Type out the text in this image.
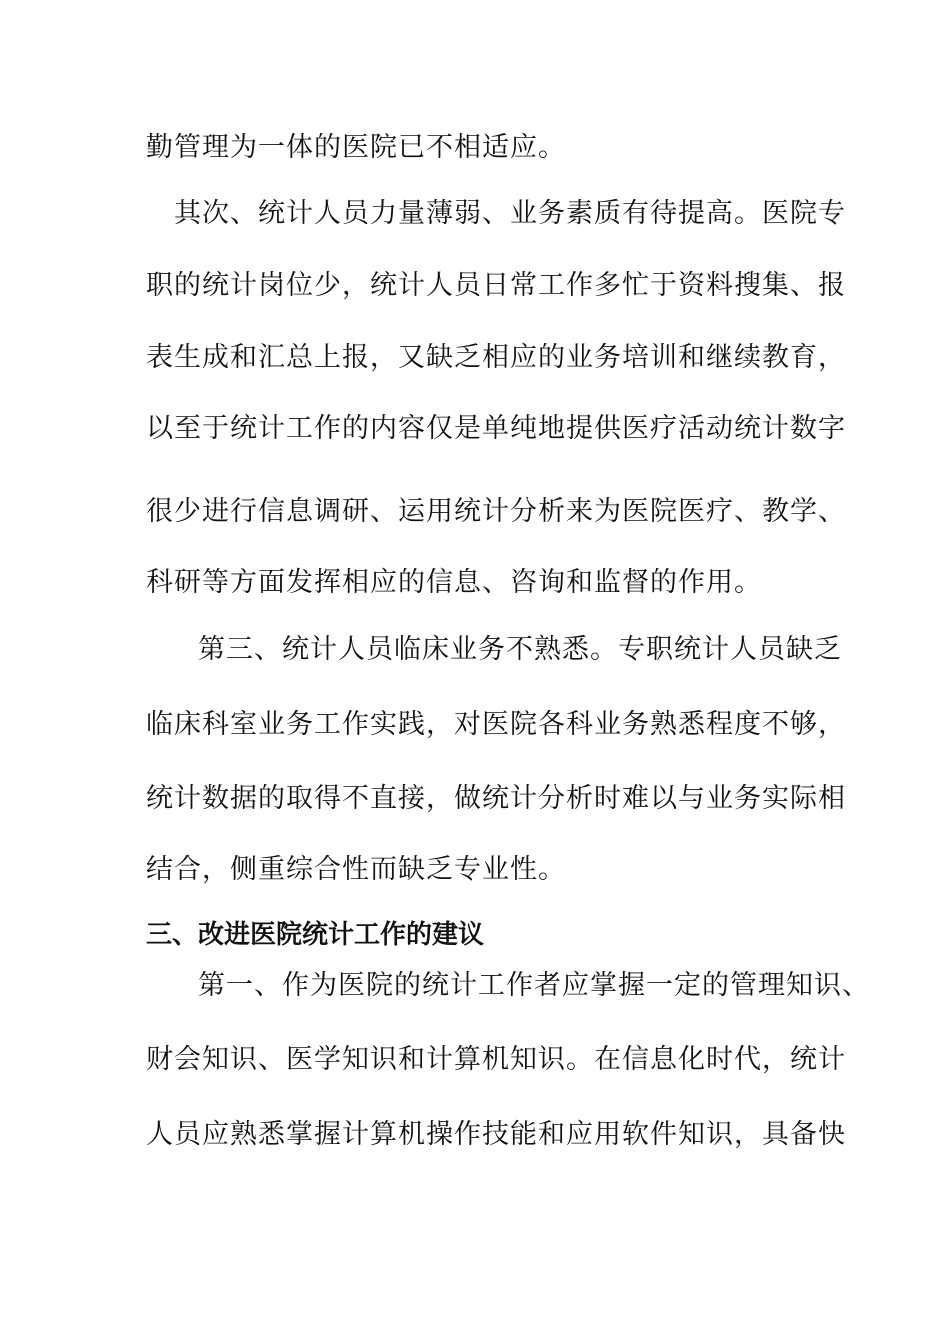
勤管理为一体的医院已不相适应。
其次、统计人员力量薄弱、业务素质有待提高。医院专
职的统计岗位少，统计人员日常工作多忙于资料搜集、报
表生成和汇总上报，又缺乏相应的业务培训和继续教育，
以至于统计工作的内容仅是单纯地提供医疗活动统计数字
很少进行信息调研、运用统计分析来为医院医疗、教学、
科研等方面发挥相应的信息、咨询和监督的作用。
第三、统计人员临床业务不熟悉。专职统计人员缺乏
临床科室业务工作实践，对医院各科业务熟悉程度不够，
统计数据的取得不直接，做统计分析时难以与业务实际相
结合，侧重综合性而缺乏专业性。
三、改进医院统计工作的建议
第一、作为医院的统计工作者应掌握一定的管理知识、
财会知识、医学知识和计算机知识。在信息化时代，统计
人员应熟悉掌握计算机操作技能和应用软件知识，具备快
